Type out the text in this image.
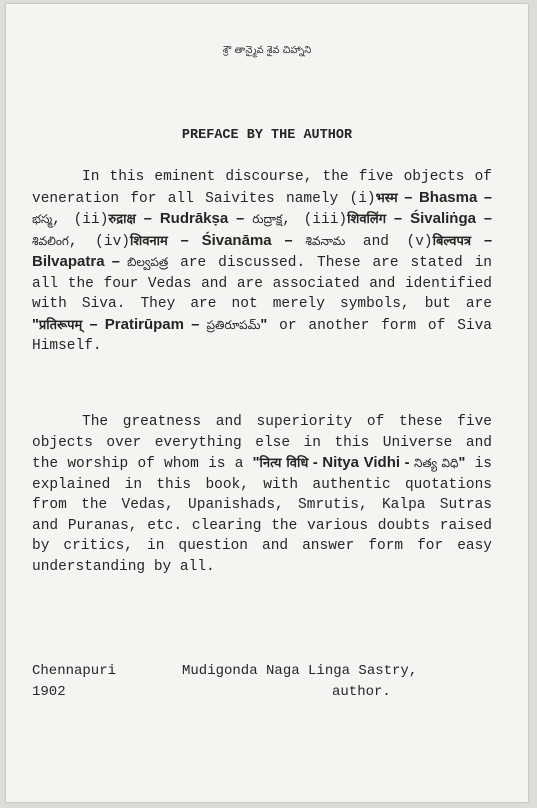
శ్రౌ తాన్మైవ శైవ చిహ్నాని
PREFACE BY THE AUTHOR
In this eminent discourse, the five objects of veneration for all Saivites namely (i)भस्म – Bhasma – భస్మ, (ii)रुद्राक्ष – Rudrākṣa – రుద్రాక్ష, (iii)शिवलिंग – Śivaliṅga – శివలింగ, (iv)शिवनाम – Śivanāma – శివనామ and (v)बिल्वपत्र – Bilvapatra – బిల్వపత్ర are discussed. These are stated in all the four Vedas and are associated and identified with Siva. They are not merely symbols, but are "प्रतिरूपम् – Pratirūpam – ప్రతిరూపమ్" or another form of Siva Himself.
The greatness and superiority of these five objects over everything else in this Universe and the worship of whom is a "नित्य विधि - Nitya Vidhi - నిత్య విధి" is explained in this book, with authentic quotations from the Vedas, Upanishads, Smrutis, Kalpa Sutras and Puranas, etc. clearing the various doubts raised by critics, in question and answer form for easy understanding by all.
Chennapuri
1902
Mudigonda Naga Linga Sastry,
author.
